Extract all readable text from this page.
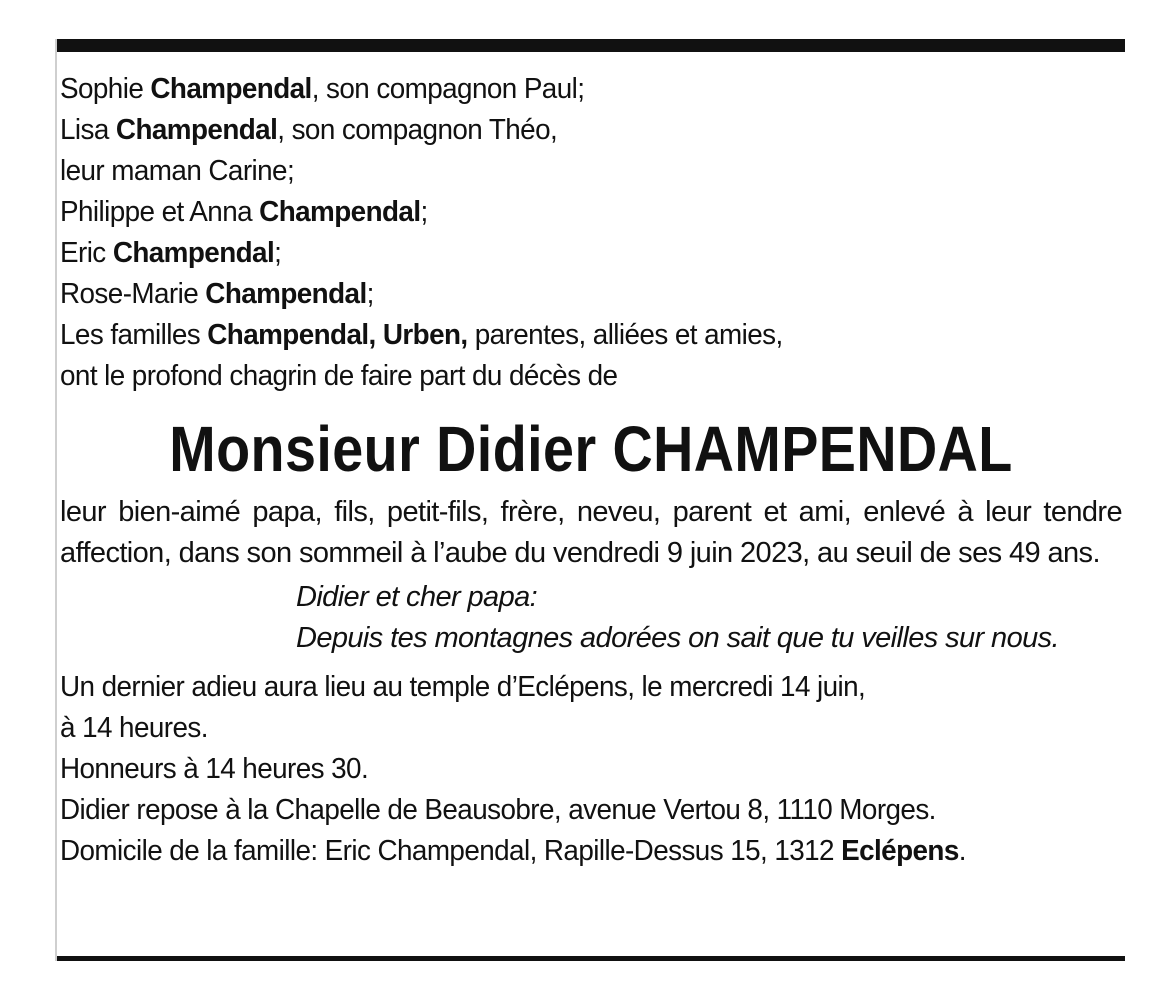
Sophie Champendal, son compagnon Paul;
Lisa Champendal, son compagnon Théo,
leur maman Carine;
Philippe et Anna Champendal;
Eric Champendal;
Rose-Marie Champendal;
Les familles Champendal, Urben, parentes, alliées et amies,
ont le profond chagrin de faire part du décès de
Monsieur Didier CHAMPENDAL
leur bien-aimé papa, fils, petit-fils, frère, neveu, parent et ami, enlevé à leur tendre affection, dans son sommeil à l’aube du vendredi 9 juin 2023, au seuil de ses 49 ans.
Didier et cher papa:
Depuis tes montagnes adorées on sait que tu veilles sur nous.
Un dernier adieu aura lieu au temple d’Eclépens, le mercredi 14 juin,
à 14 heures.
Honneurs à 14 heures 30.
Didier repose à la Chapelle de Beausobre, avenue Vertou 8, 1110 Morges.
Domicile de la famille: Eric Champendal, Rapille-Dessus 15, 1312 Eclépens.
